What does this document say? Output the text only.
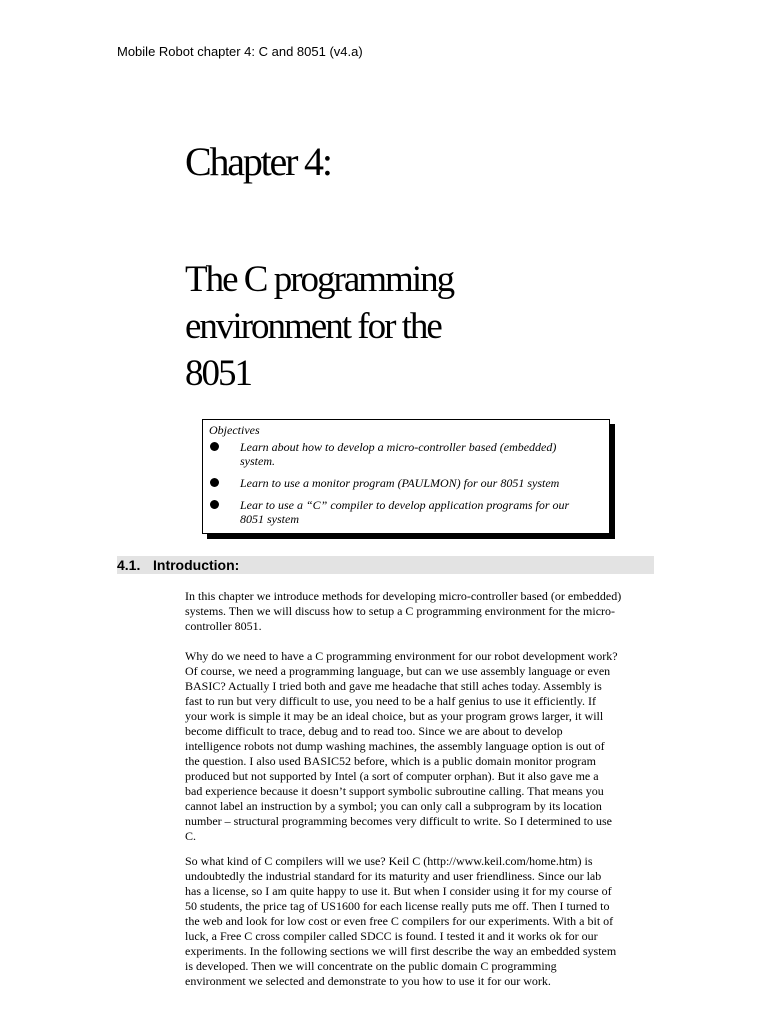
Mobile Robot chapter 4: C and 8051 (v4.a)
Chapter 4:
The C programming
environment for the
8051
Objectives
Learn about how to develop a micro-controller based (embedded)
system.
Learn to use a monitor program (PAULMON) for our 8051 system
Lear to use a “C” compiler to develop application programs for our
8051 system
4.1. Introduction:

In this chapter we introduce methods for developing micro-controller based (or embedded)
systems. Then we will discuss how to setup a C programming environment for the micro-
controller 8051.

Why do we need to have a C programming environment for our robot development work?
Of course, we need a programming language, but can we use assembly language or even
BASIC? Actually I tried both and gave me headache that still aches today. Assembly is
fast to run but very difficult to use, you need to be a half genius to use it efficiently. If
your work is simple it may be an ideal choice, but as your program grows larger, it will
become difficult to trace, debug and to read too. Since we are about to develop
intelligence robots not dump washing machines, the assembly language option is out of
the question. I also used BASIC52 before, which is a public domain monitor program
produced but not supported by Intel (a sort of computer orphan). But it also gave me a
bad experience because it doesn’t support symbolic subroutine calling. That means you
cannot label an instruction by a symbol; you can only call a subprogram by its location
number – structural programming becomes very difficult to write. So I determined to use
C.

So what kind of C compilers will we use? Keil C (http://www.keil.com/home.htm) is
undoubtedly the industrial standard for its maturity and user friendliness. Since our lab
has a license, so I am quite happy to use it. But when I consider using it for my course of
50 students, the price tag of US1600 for each license really puts me off. Then I turned to
the web and look for low cost or even free C compilers for our experiments. With a bit of
luck, a Free C cross compiler called SDCC is found. I tested it and it works ok for our
experiments. In the following sections we will first describe the way an embedded system
is developed. Then we will concentrate on the public domain C programming
environment we selected and demonstrate to you how to use it for our work.
